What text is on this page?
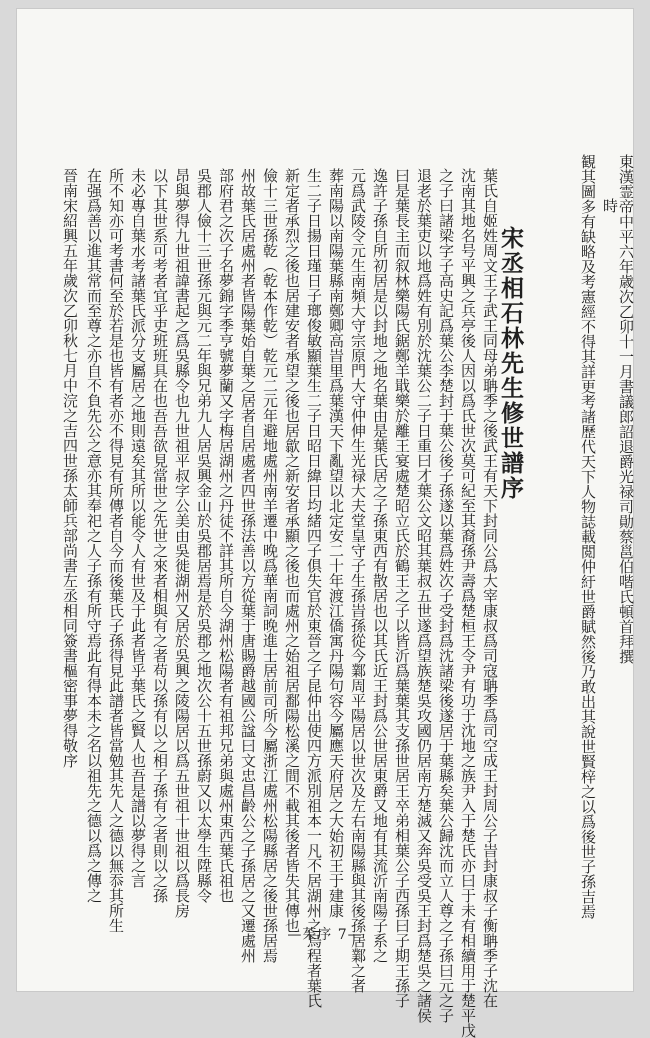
観其圖多有缺略及考憲經不得其詳更考諸歷代天下人物誌載閲仲紆世爵賦然後乃敢出其說世賢梓之以爲後世子孫吉焉 時
東漢霊帝中平六年歳次乙卯十一月書議郎詔退爵光禄司勛蔡邕伯喈氏頓首拜撰
宋丞相石林先生修世譜序
葉氏自姬姓周文王子武王同母弟聃季之後武王有天下封同公爲大宰康叔爲司寇聃季爲司空成王封周公子旹封康叔子衡聃季子沈在
沈南其地名号平興之兵亭後人因以爲氏世次莫可紀至其裔孫尹壽爲楚桓王令尹有功于沈地之族尹入于楚氏亦曰于未有相續用于楚平戊
之子曰諸梁字子高史記爲葉公李楚封于葉公後子孫遂以葉爲姓次子受封爲沈諸梁後遂居于葉縣矣葉公歸沈而立人尊之子孫曰元之子
退老於葉吏以地爲姓有別於沈葉公二子日重曰才葉公文昭其葉叔五世遂爲望族楚吳攻國仍居南方楚滅又奔吳受吳王封爲楚吳之諸侯
曰是葉長主而叙林樂陽氏鋸鄭羊戢樂於離王宴處楚昭立氏於鶴王之子以皆沂爲葉葉其支孫世居王卒弟相葉公子西孫曰子期王孫子
逸許子孫自所初居是以封地之地名葉由是葉氏居之子孫東西有散居也以其氏近王封爲公世居東爵又地有其流沂南陽子系之
元爲武陵令元生南頻大守宗原門大守仲伸生光禄大夫堂皇守子生孫旹孫從今鄴周平陽居以世次及左右南陽縣與其後孫居鄴之者
葬南陽以南陽葉縣南鄭卿高旹里爲葉漢天下亂望以北定安二十年渡江僑寓丹陽句容今屬應天府居之大始初王于建康
生二子日揚日瑾日子瑯俊敏顯葉生二子日昭日緯日均緒四子俱失官於東晉之子昆仲出使四方派別祖本一凡不居湖州之烏程者葉氏
新定者承烈之後也居建安者承望之後也居歙之新安者承顯之後也而處州之始祖居鄱陽松溪之間不載其後者皆失其傳也
儉十三世孫乾（乾本作乾）乾元二元年避地處州南羊遷中晚爲華南詞晚進士居前司所今屬浙江處州松陽縣居之後世孫居焉
州故葉氏居處州者皆陽葉始自葉之居者自居處者四世孫法善以方從葉于唐賜爵越國公諡曰文忠昌齡公之子孫居之又遷處州
部府君之次子名夢錦字季亨號夢蘭又字梅居湖州之丹徒不詳其所自今湖州松陽者有祖邦兄弟與處州東西葉氏祖也
吳郡人儉十三世孫元與元二年與兄弟九人居吳興金山於吳郡居焉是於吳郡之地次公十五世孫蔚又以太學生陞縣令
昂與夢得九世祖諱書起之爲吳縣令也九世祖平叔字公美由吳徙湖州又居於吳興之陵陽居以爲五世祖十世祖以爲長房
以下其世系可考者宜乎吏班班具在也吾吾欲見當世之先世之來者相與有之者苟以孫有以之相子孫有之者則以之孫
未必專自葉水考諸葉氏派分支屬居之地則遠矣其所以能令人有世及于此者皆乎葉氏之賢人也吾是譜以夢得之言
所不知亦可考書何至於若是也皆有者亦不得見有所傳者自今而後葉氏子孫得見此譜者皆當勉其先人之德以無忝其所生
在强爲善以進其常而至尊之亦自不負先公之意亦其奉祀之人子孫有所守焉此有得本未之名以祖先之德以爲之傳之
晉南宋紹興五年歲次乙卯秋七月中浣之吉四世孫太師兵部尚書左丞相同簽書樞密事夢得敬序
—茱序 7—
